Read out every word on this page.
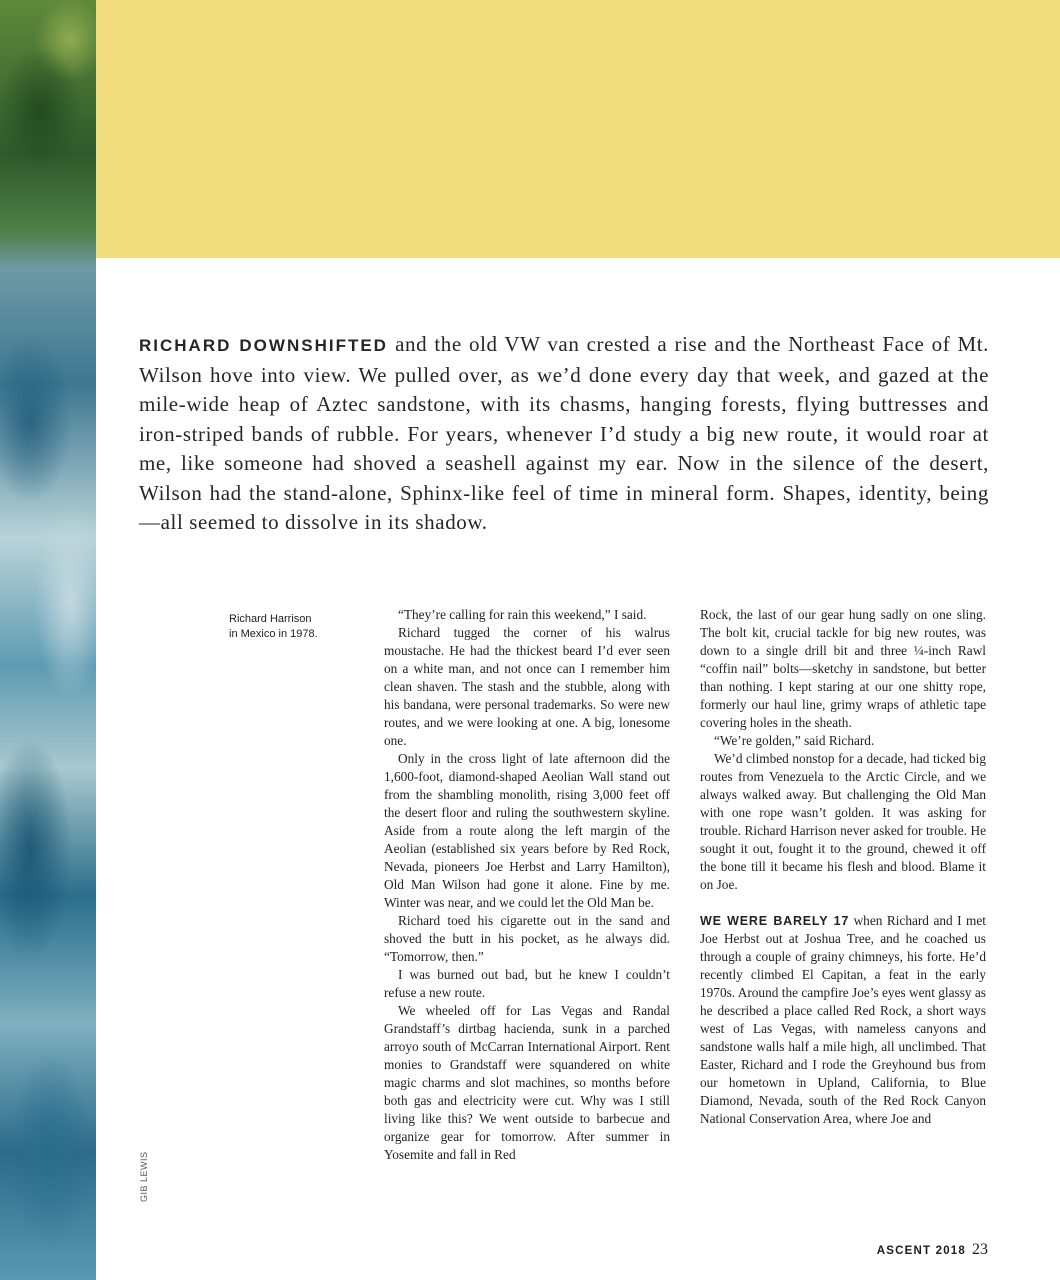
RICHARD DOWNSHIFTED and the old VW van crested a rise and the Northeast Face of Mt. Wilson hove into view. We pulled over, as we’d done every day that week, and gazed at the mile-wide heap of Aztec sandstone, with its chasms, hanging forests, flying buttresses and iron-striped bands of rubble. For years, whenever I’d study a big new route, it would roar at me, like someone had shoved a seashell against my ear. Now in the silence of the desert, Wilson had the stand-alone, Sphinx-like feel of time in mineral form. Shapes, identity, being—all seemed to dissolve in its shadow.

Richard Harrison
in Mexico in 1978.

“They’re calling for rain this weekend,” I said.

Richard tugged the corner of his walrus moustache. He had the thickest beard I’d ever seen on a white man, and not once can I remember him clean shaven. The stash and the stubble, along with his bandana, were personal trademarks. So were new routes, and we were looking at one. A big, lonesome one.

Only in the cross light of late afternoon did the 1,600-foot, diamond-shaped Aeolian Wall stand out from the shambling monolith, rising 3,000 feet off the desert floor and ruling the southwestern skyline. Aside from a route along the left margin of the Aeolian (established six years before by Red Rock, Nevada, pioneers Joe Herbst and Larry Hamilton), Old Man Wilson had gone it alone. Fine by me. Winter was near, and we could let the Old Man be.

Richard toed his cigarette out in the sand and shoved the butt in his pocket, as he always did. “Tomorrow, then.”

I was burned out bad, but he knew I couldn’t refuse a new route.

We wheeled off for Las Vegas and Randal Grandstaff’s dirtbag hacienda, sunk in a parched arroyo south of McCarran International Airport. Rent monies to Grandstaff were squandered on white magic charms and slot machines, so months before both gas and electricity were cut. Why was I still living like this? We went outside to barbecue and organize gear for tomorrow. After summer in Yosemite and fall in Red

Rock, the last of our gear hung sadly on one sling. The bolt kit, crucial tackle for big new routes, was down to a single drill bit and three ¼-inch Rawl “coffin nail” bolts—sketchy in sandstone, but better than nothing. I kept staring at our one shitty rope, formerly our haul line, grimy wraps of athletic tape covering holes in the sheath.

“We’re golden,” said Richard.

We’d climbed nonstop for a decade, had ticked big routes from Venezuela to the Arctic Circle, and we always walked away. But challenging the Old Man with one rope wasn’t golden. It was asking for trouble. Richard Harrison never asked for trouble. He sought it out, fought it to the ground, chewed it off the bone till it became his flesh and blood. Blame it on Joe.

WE WERE BARELY 17 when Richard and I met Joe Herbst out at Joshua Tree, and he coached us through a couple of grainy chimneys, his forte. He’d recently climbed El Capitan, a feat in the early 1970s. Around the campfire Joe’s eyes went glassy as he described a place called Red Rock, a short ways west of Las Vegas, with nameless canyons and sandstone walls half a mile high, all unclimbed. That Easter, Richard and I rode the Greyhound bus from our hometown in Upland, California, to Blue Diamond, Nevada, south of the Red Rock Canyon National Conservation Area, where Joe and

GIB LEWIS
ASCENT 2018 23
